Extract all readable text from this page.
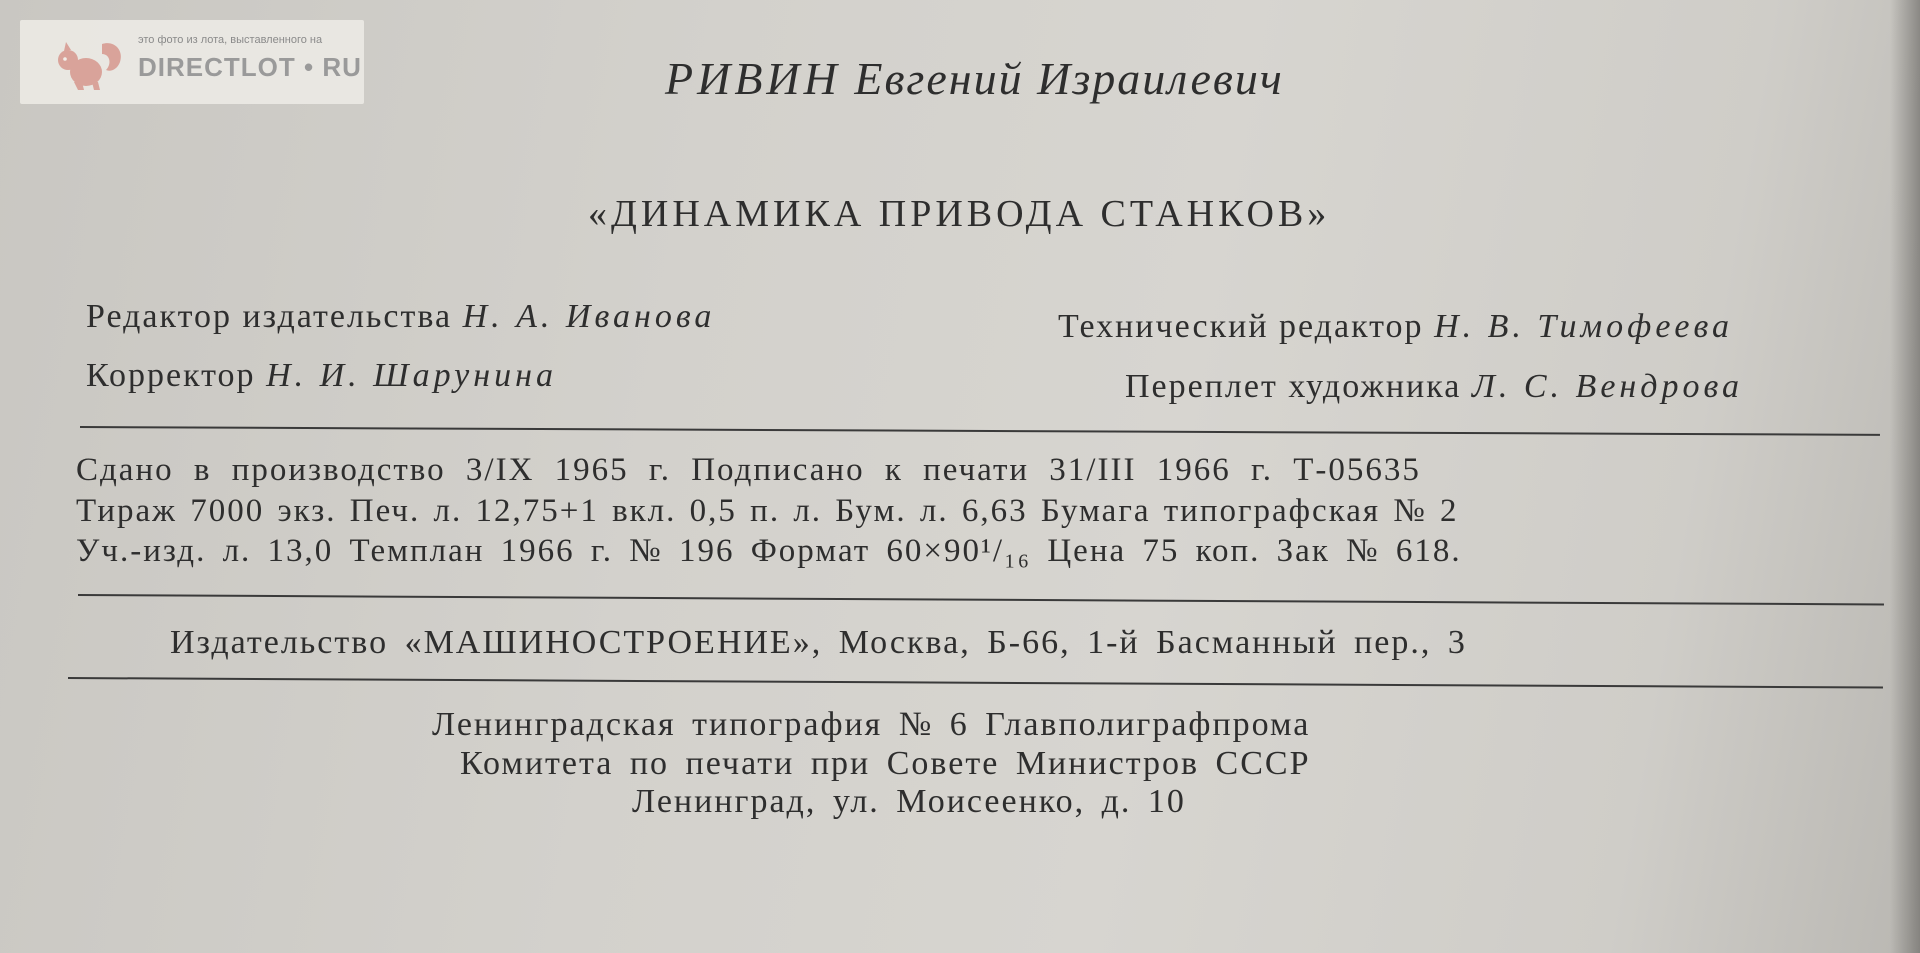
это фото из лота, выставленного на
DIRECTLOT • RU	РИВИН Евгений Израилевич
«ДИНАМИКА ПРИВОДА СТАНКОВ»
Редактор издательства Н. А. Иванова
Корректор Н. И. Шарунина
Технический редактор Н. В. Тимофеева
Переплет художника Л. С. Вендрова
Сдано в производство 3/IX 1965 г. Подписано к печати 31/III 1966 г. Т-05635
Тираж 7000 экз. Печ. л. 12,75+1 вкл. 0,5 п. л. Бум. л. 6,63 Бумага типографская № 2
Уч.-изд. л. 13,0 Темплан 1966 г. № 196 Формат 60×90¹/₁₆ Цена 75 коп. Зак № 618.
Издательство «МАШИНОСТРОЕНИЕ», Москва, Б-66, 1-й Басманный пер., 3
Ленинградская типография № 6 Главполиграфпрома
Комитета по печати при Совете Министров СССР
Ленинград, ул. Моисеенко, д. 10
